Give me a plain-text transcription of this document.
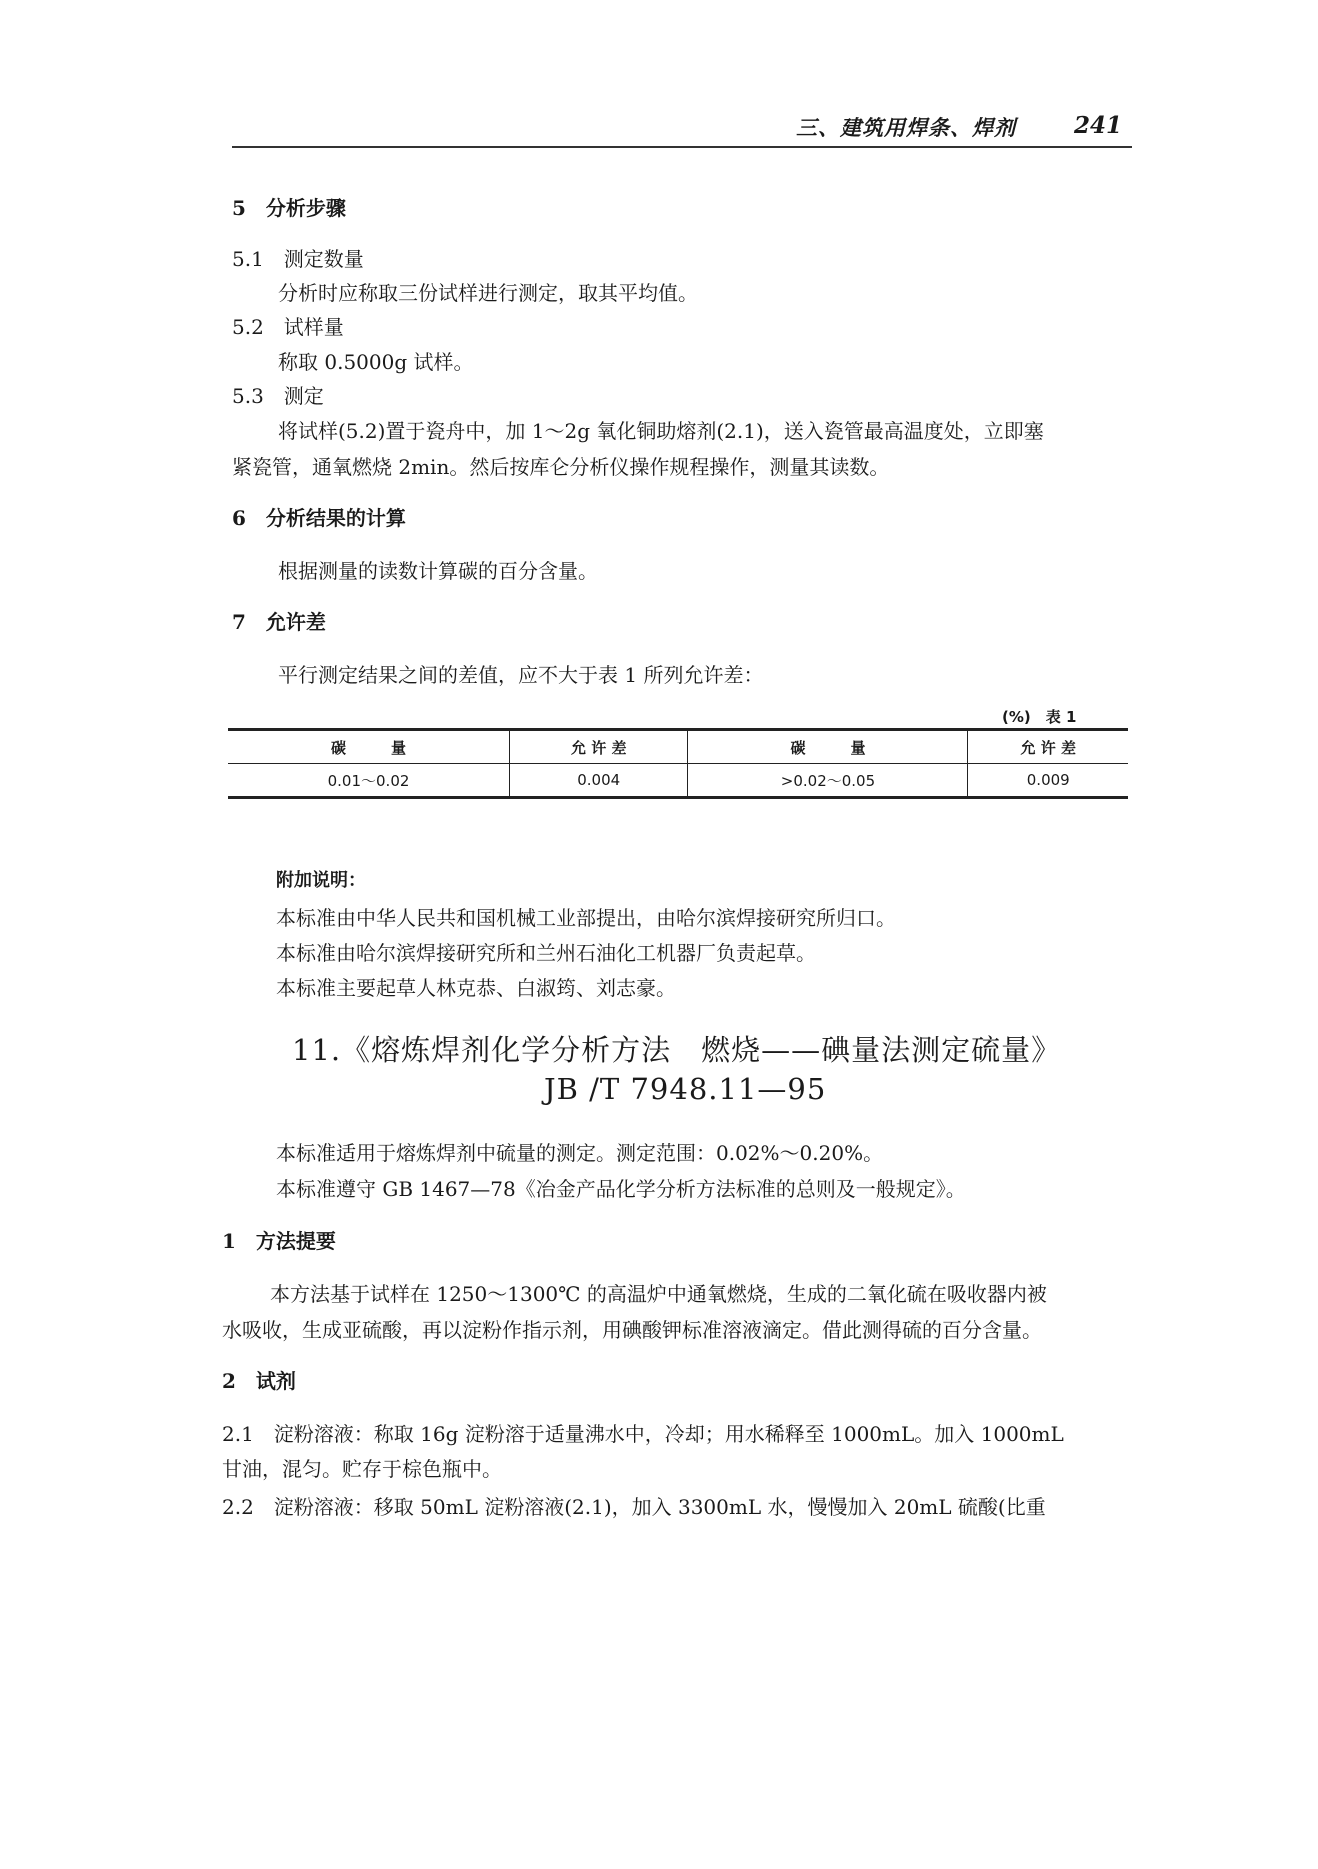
三、建筑用焊条、焊剂	241
5　分析步骤
5.1　测定数量
分析时应称取三份试样进行测定，取其平均值。
5.2　试样量
称取 0.5000g 试样。
5.3　测定
将试样(5.2)置于瓷舟中，加 1～2g 氧化铜助熔剂(2.1)，送入瓷管最高温度处，立即塞
紧瓷管，通氧燃烧 2min。然后按库仑分析仪操作规程操作，测量其读数。
6　分析结果的计算
根据测量的读数计算碳的百分含量。
7　允许差
平行测定结果之间的差值，应不大于表 1 所列允许差：
(%)　表 1
碳　　　量	允 许 差	碳　　　量	允 许 差
0.01～0.02	0.004	>0.02～0.05	0.009
附加说明：
本标准由中华人民共和国机械工业部提出，由哈尔滨焊接研究所归口。
本标准由哈尔滨焊接研究所和兰州石油化工机器厂负责起草。
本标准主要起草人林克恭、白淑筠、刘志豪。
11.《熔炼焊剂化学分析方法　燃烧——碘量法测定硫量》
JB /T 7948.11—95
本标准适用于熔炼焊剂中硫量的测定。测定范围：0.02%～0.20%。
本标准遵守 GB 1467—78《冶金产品化学分析方法标准的总则及一般规定》。
1　方法提要
本方法基于试样在 1250～1300℃ 的高温炉中通氧燃烧，生成的二氧化硫在吸收器内被
水吸收，生成亚硫酸，再以淀粉作指示剂，用碘酸钾标准溶液滴定。借此测得硫的百分含量。
2　试剂
2.1　淀粉溶液：称取 16g 淀粉溶于适量沸水中，冷却；用水稀释至 1000mL。加入 1000mL
甘油，混匀。贮存于棕色瓶中。
2.2　淀粉溶液：移取 50mL 淀粉溶液(2.1)，加入 3300mL 水，慢慢加入 20mL 硫酸(比重
